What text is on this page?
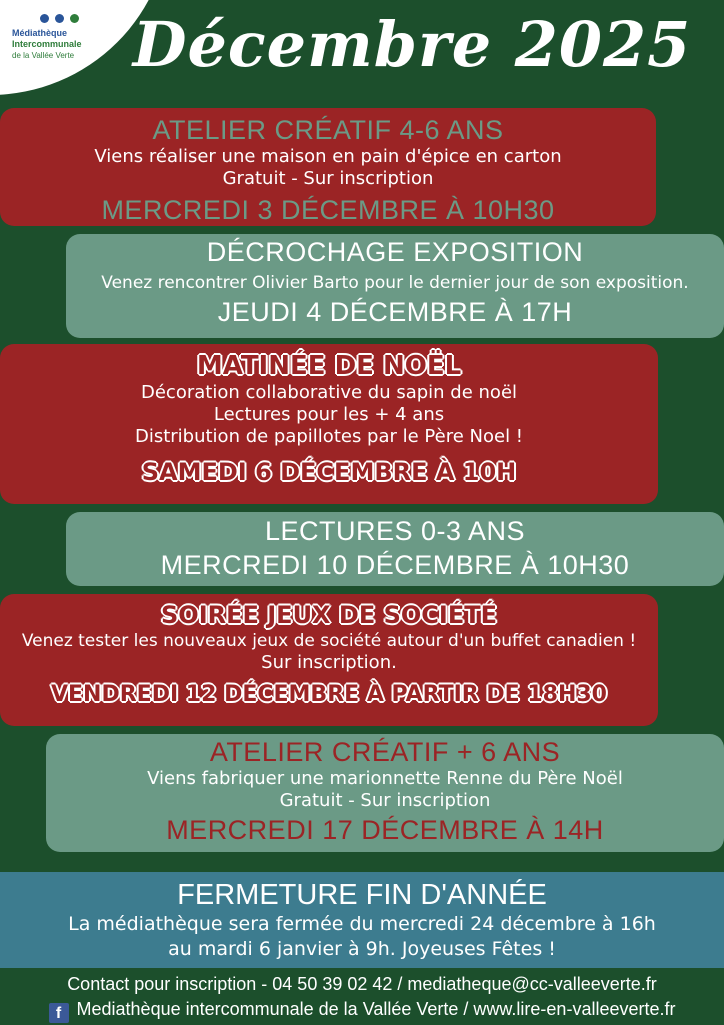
Médiathèque
Intercommunale
de la Vallée Verte Décembre 2025
ATELIER CRÉATIF 4-6 ANS
Viens réaliser une maison en pain d'épice en carton
Gratuit - Sur inscription
MERCREDI 3 DÉCEMBRE À 10H30
DÉCROCHAGE EXPOSITION
Venez rencontrer Olivier Barto pour le dernier jour de son exposition.
JEUDI 4 DÉCEMBRE À 17H
MATINÉE DE NOËL
Décoration collaborative du sapin de noël
Lectures pour les + 4 ans
Distribution de papillotes par le Père Noel !
SAMEDI 6 DÉCEMBRE À 10H
LECTURES 0-3 ANS
MERCREDI 10 DÉCEMBRE À 10H30
SOIRÉE JEUX DE SOCIÉTÉ
Venez tester les nouveaux jeux de société autour d'un buffet canadien !
Sur inscription.
VENDREDI 12 DÉCEMBRE À PARTIR DE 18H30
ATELIER CRÉATIF + 6 ANS
Viens fabriquer une marionnette Renne du Père Noël
Gratuit - Sur inscription
MERCREDI 17 DÉCEMBRE À 14H
FERMETURE FIN D'ANNÉE
La médiathèque sera fermée du mercredi 24 décembre à 16h
au mardi 6 janvier à 9h. Joyeuses Fêtes !
Contact pour inscription - 04 50 39 02 42 / mediatheque@cc-valleeverte.fr
f Mediathèque intercommunale de la Vallée Verte / www.lire-en-valleeverte.fr
